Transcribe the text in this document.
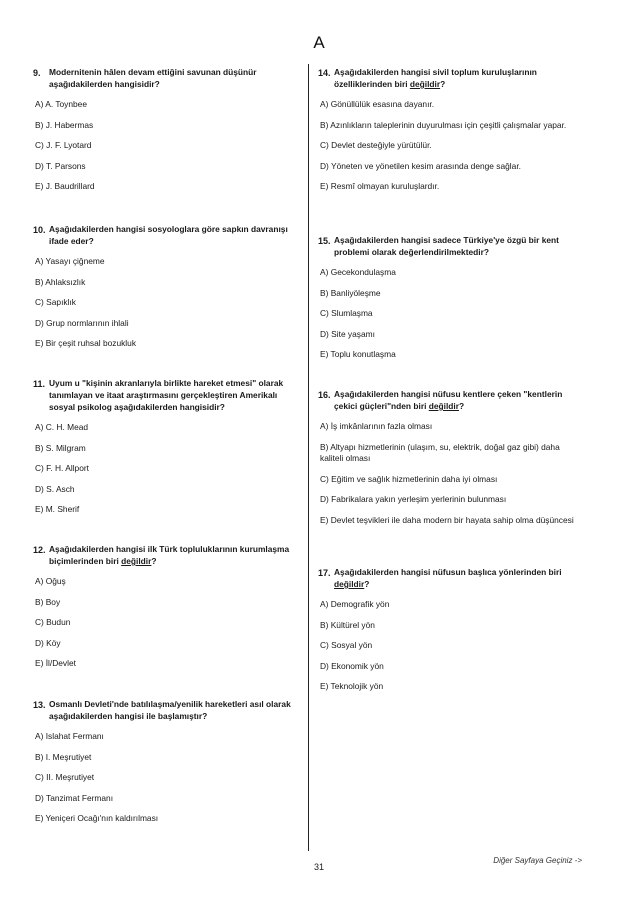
A
9.	Modernitenin hâlen devam ettiğini savunan düşünür aşağıdakilerden hangisidir?
A) A. Toynbee
B) J. Habermas
C) J. F. Lyotard
D) T. Parsons
E) J. Baudrillard
10. Aşağıdakilerden hangisi sosyologlara göre sapkın davranışı ifade eder?
A) Yasayı çiğneme
B) Ahlaksızlık
C) Sapıklık
D) Grup normlarının ihlali
E) Bir çeşit ruhsal bozukluk
11. Uyum u "kişinin akranlarıyla birlikte hareket etmesi" olarak tanımlayan ve itaat araştırmasını gerçekleştiren Amerikalı sosyal psikolog aşağıdakilerden hangisidir?
A) C. H. Mead
B) S. Milgram
C) F. H. Allport
D) S. Asch
E) M. Sherif
12. Aşağıdakilerden hangisi ilk Türk topluluklarının kurumlaşma biçimlerinden biri değildir?
A) Oğuş
B) Boy
C) Budun
D) Köy
E) İl/Devlet
13. Osmanlı Devleti'nde batılılaşma/yenilik hareketleri asıl olarak aşağıdakilerden hangisi ile başlamıştır?
A) Islahat Fermanı
B) I. Meşrutiyet
C) II. Meşrutiyet
D) Tanzimat Fermanı
E) Yeniçeri Ocağı'nın kaldırılması
14. Aşağıdakilerden hangisi sivil toplum kuruluşlarının özelliklerinden biri değildir?
A) Gönüllülük esasına dayanır.
B) Azınlıkların taleplerinin duyurulması için çeşitli çalışmalar yapar.
C) Devlet desteğiyle yürütülür.
D) Yöneten ve yönetilen kesim arasında denge sağlar.
E) Resmî olmayan kuruluşlardır.
15. Aşağıdakilerden hangisi sadece Türkiye'ye özgü bir kent problemi olarak değerlendirilmektedir?
A) Gecekondulaşma
B) Banliyöleşme
C) Slumlaşma
D) Site yaşamı
E) Toplu konutlaşma
16. Aşağıdakilerden hangisi nüfusu kentlere çeken "kentlerin çekici güçleri"nden biri değildir?
A) İş imkânlarının fazla olması
B) Altyapı hizmetlerinin (ulaşım, su, elektrik, doğal gaz gibi) daha kaliteli olması
C) Eğitim ve sağlık hizmetlerinin daha iyi olması
D) Fabrikalara yakın yerleşim yerlerinin bulunması
E) Devlet teşvikleri ile daha modern bir hayata sahip olma düşüncesi
17. Aşağıdakilerden hangisi nüfusun başlıca yönlerinden biri değildir?
A) Demografik yön
B) Kültürel yön
C) Sosyal yön
D) Ekonomik yön
E) Teknolojik yön
31
Diğer Sayfaya Geçiniz ->
